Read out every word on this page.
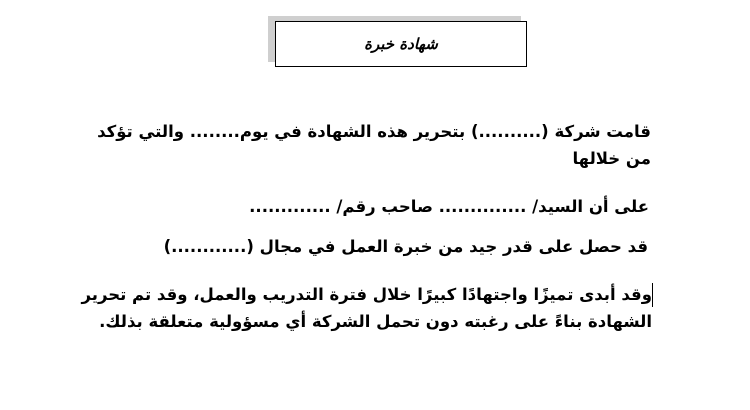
شهادة خبرة
قامت شركة (..........) بتحرير هذه الشهادة في يوم........ والتي تؤكد
من خلالها
على أن السيد/ .............. صاحب رقم/ .............
قد حصل على قدر جيد من خبرة العمل في مجال (............)
وقد أبدى تميزًا واجتهادًا كبيرًا خلال فترة التدريب والعمل، وقد تم تحرير
الشهادة بناءً على رغبته دون تحمل الشركة أي مسؤولية متعلقة بذلك.
